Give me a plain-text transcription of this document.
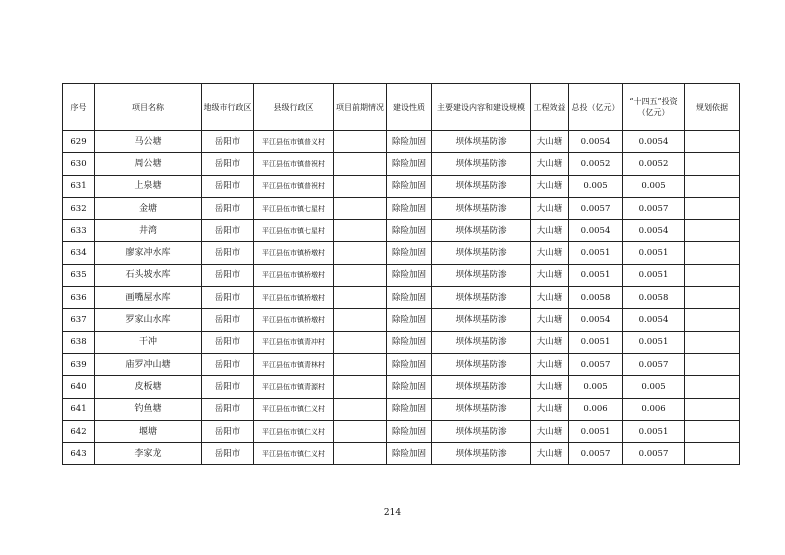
序号	项目名称	地级市行政区	县级行政区	项目前期情况	建设性质	主要建设内容和建设规模	工程效益	总投（亿元）	“十四五”投资（亿元）	规划依据
629	马公塘	岳阳市	平江县伍市镇普义村		除险加固	坝体坝基防渗	大山塘	0.0054	0.0054	
630	周公塘	岳阳市	平江县伍市镇普祝村		除险加固	坝体坝基防渗	大山塘	0.0052	0.0052	
631	上泉塘	岳阳市	平江县伍市镇普祝村		除险加固	坝体坝基防渗	大山塘	0.005	0.005	
632	金塘	岳阳市	平江县伍市镇七星村		除险加固	坝体坝基防渗	大山塘	0.0057	0.0057	
633	井湾	岳阳市	平江县伍市镇七星村		除险加固	坝体坝基防渗	大山塘	0.0054	0.0054	
634	廖家冲水库	岳阳市	平江县伍市镇桥墩村		除险加固	坝体坝基防渗	大山塘	0.0051	0.0051	
635	石头坡水库	岳阳市	平江县伍市镇桥墩村		除险加固	坝体坝基防渗	大山塘	0.0051	0.0051	
636	画嘴屋水库	岳阳市	平江县伍市镇桥墩村		除险加固	坝体坝基防渗	大山塘	0.0058	0.0058	
637	罗家山水库	岳阳市	平江县伍市镇桥墩村		除险加固	坝体坝基防渗	大山塘	0.0054	0.0054	
638	干冲	岳阳市	平江县伍市镇青冲村		除险加固	坝体坝基防渗	大山塘	0.0051	0.0051	
639	庙罗冲山塘	岳阳市	平江县伍市镇青林村		除险加固	坝体坝基防渗	大山塘	0.0057	0.0057	
640	皮板塘	岳阳市	平江县伍市镇青源村		除险加固	坝体坝基防渗	大山塘	0.005	0.005	
641	钓鱼塘	岳阳市	平江县伍市镇仁义村		除险加固	坝体坝基防渗	大山塘	0.006	0.006	
642	堰塘	岳阳市	平江县伍市镇仁义村		除险加固	坝体坝基防渗	大山塘	0.0051	0.0051	
643	李家龙	岳阳市	平江县伍市镇仁义村		除险加固	坝体坝基防渗	大山塘	0.0057	0.0057	
214
